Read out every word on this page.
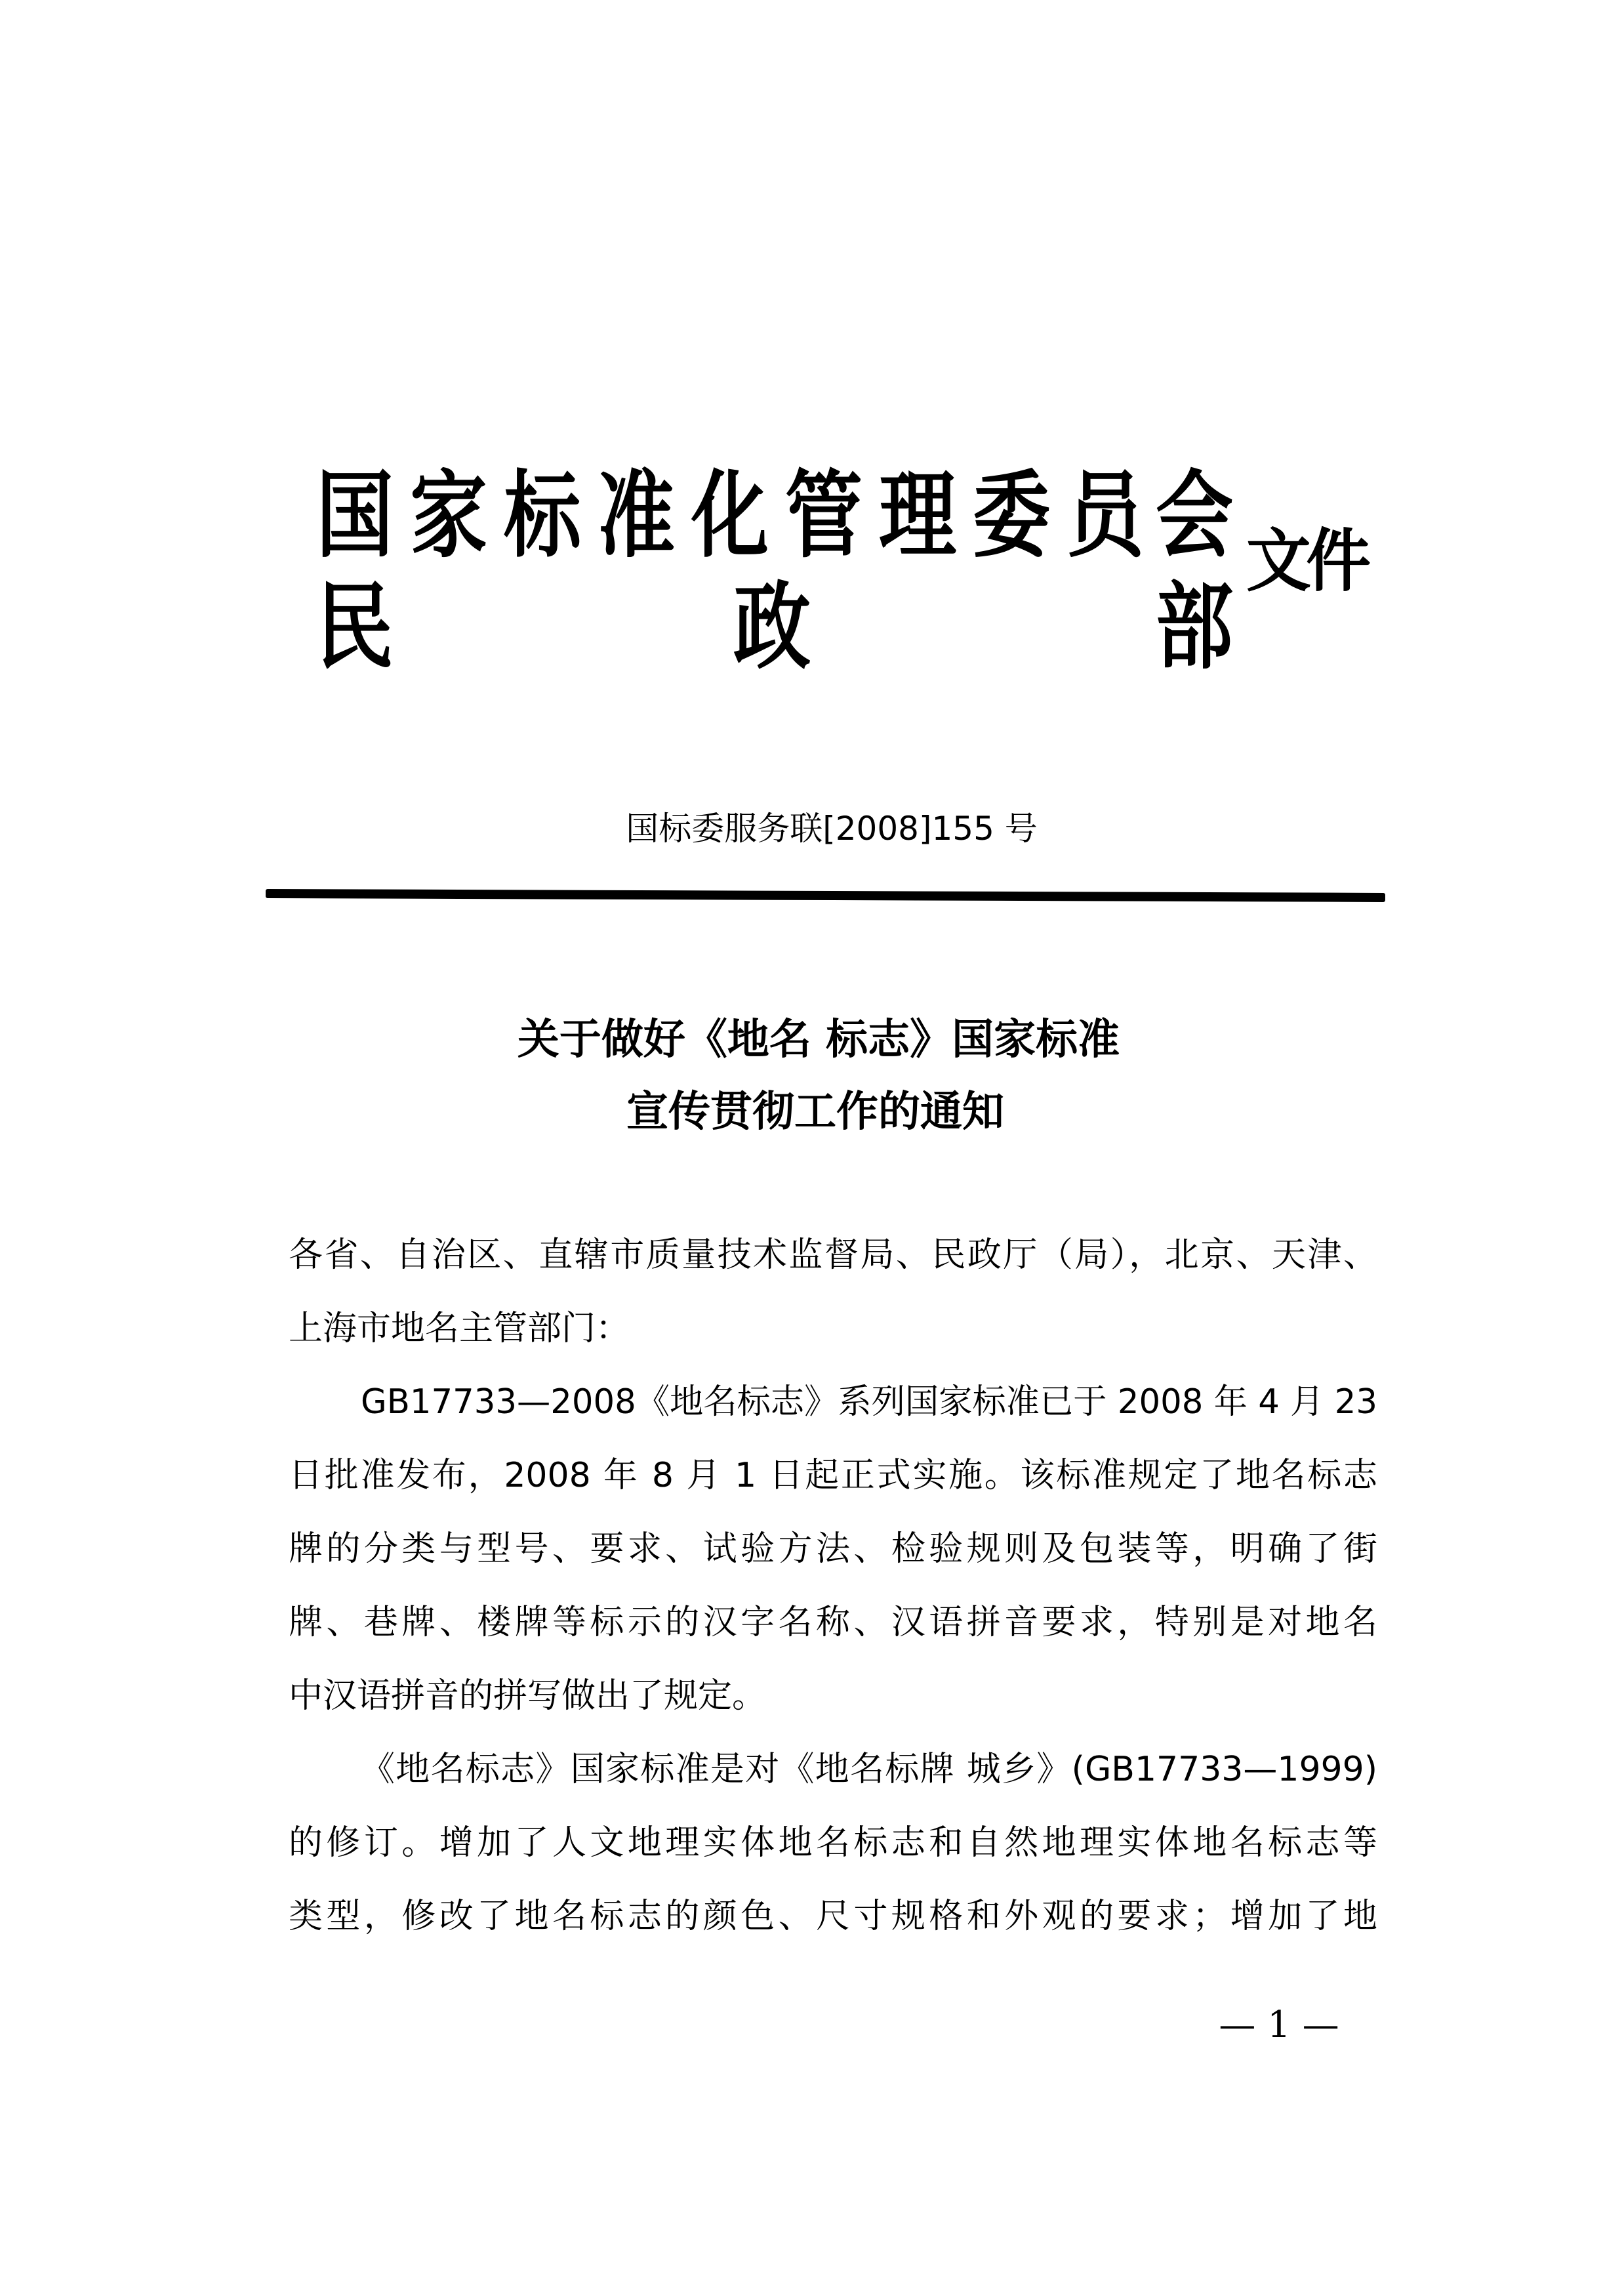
国 家 标 准 化 管 理 委 员 会
民	政	部
文件
国标委服务联[2008]155 号
关于做好《地名 标志》国家标准
宣传贯彻工作的通知
各省、自治区、直辖市质量技术监督局、民政厅（局），北京、天津、
上海市地名主管部门：
GB17733—2008《地名标志》系列国家标准已于 2008 年 4 月 23
日批准发布，2008 年 8 月 1 日起正式实施。该标准规定了地名标志
牌的分类与型号、要求、试验方法、检验规则及包装等，明确了街
牌、巷牌、楼牌等标示的汉字名称、汉语拼音要求，特别是对地名
中汉语拼音的拼写做出了规定。
《地名标志》国家标准是对《地名标牌 城乡》(GB17733—1999)
的修订。增加了人文地理实体地名标志和自然地理实体地名标志等
类型，修改了地名标志的颜色、尺寸规格和外观的要求；增加了地
— 1 —
